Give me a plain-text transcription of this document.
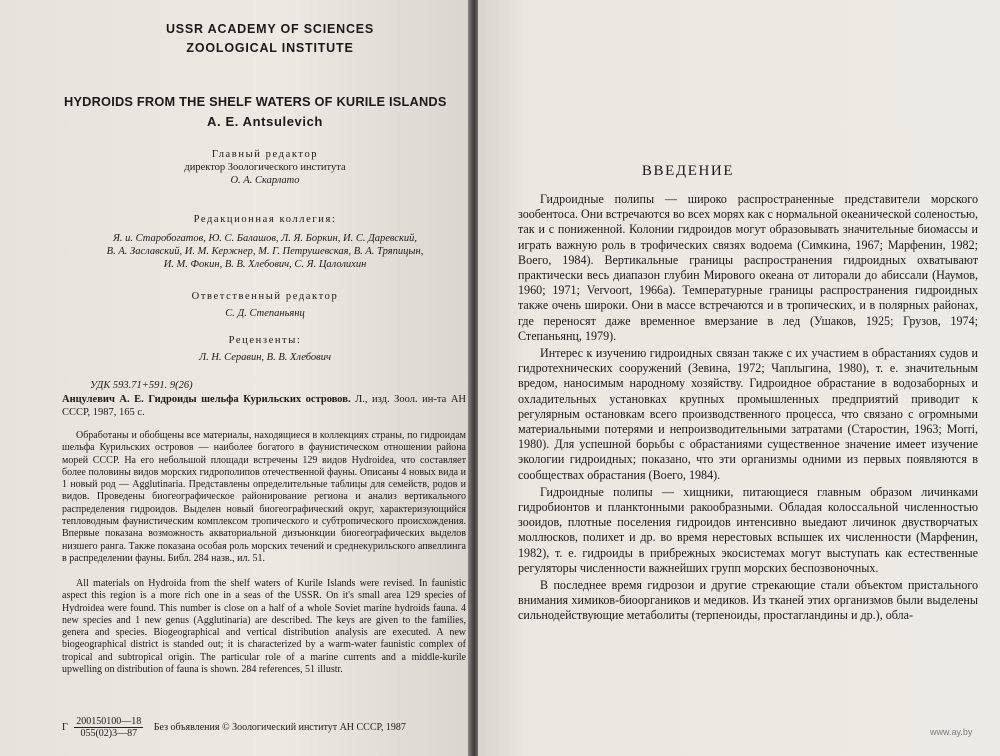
USSR ACADEMY OF SCIENCES
ZOOLOGICAL INSTITUTE
HYDROIDS FROM THE SHELF WATERS OF KURILE ISLANDS
A. E. Antsulevich
Главный редактор
директор Зоологического института
О. А. Скарлато
Редакционная коллегия:
Я. и. Старобогатов, Ю. С. Балашов, Л. Я. Боркин, И. С. Даревский,
В. А. Заславский, И. М. Кержнер, М. Г. Петрушевская, В. А. Тряпицын,
И. М. Фокин, В. В. Хлебович, С. Я. Цалолихин
Ответственный редактор
С. Д. Степаньянц
Рецензенты:
Л. Н. Серавин, В. В. Хлебович
УДК 593.71+591. 9(26)
Анцулевич А. Е. Гидроиды шельфа Курильских островов. Л., изд. Зоол. ин-та АН СССР, 1987, 165 с.
Обработаны и обобщены все материалы, находящиеся в коллекциях страны, по гидроидам шельфа Курильских островов — наиболее богатого в фаунистическом отношении района морей СССР. На его небольшой площади встречены 129 видов Hydroidea, что составляет более половины видов морских гидрополипов отечественной фауны. Описаны 4 новых вида и 1 новый род — Agglutinaria. Представлены определительные таблицы для семейств, родов и видов. Проведены биогеографическое районирование региона и анализ вертикального распределения гидроидов. Выделен новый биогеографический округ, характеризующийся тепловодным фаунистическим комплексом тропического и субтропического происхождения. Впервые показана возможность акваториальной дизъюнкции биогеографических выделов низшего ранга. Также показана особая роль морских течений и среднекурильского апвеллинга в распределении фауны. Библ. 284 назв., ил. 51.
All materials on Hydroida from the shelf waters of Kurile Islands were revised. In faunistic aspect this region is a more rich one in a seas of the USSR. On it's small area 129 species of Hydroidea were found. This number is close on a half of a whole Soviet marine hydroids fauna. 4 new species and 1 new genus (Agglutinaria) are described. The keys are given to the families, genera and species. Biogeographical and vertical distribution analysis are executed. A new biogeographical district is standed out; it is characterized by a warm-water faunistic complex of tropical and subtropical origin. The particular role of a marine currents and a middle-kurile upwelling on distribution of fauna is shown. 284 references, 51 illustr.
Г $\frac{200150100—18}{055(02)3—87}$ Без объявления © Зоологический институт АН СССР, 1987
ВВЕДЕНИЕ

Гидроидные полипы — широко распространенные представители морского зообентоса. Они встречаются во всех морях как с нормальной океанической соленостью, так и с пониженной. Колонии гидроидов могут образовывать значительные биомассы и играть важную роль в трофических связях водоема (Симкина, 1967; Марфенин, 1982; Воего, 1984). Вертикальные границы распространения гидроидных охватывают практически весь диапазон глубин Мирового океана от литорали до абиссали (Наумов, 1960; 1971; Vervoort, 1966а). Температурные границы распространения гидроидных также очень широки. Они в массе встречаются и в тропических, и в полярных районах, где переносят даже временное вмерзание в лед (Ушаков, 1925; Грузов, 1974; Степаньянц, 1979).

Интерес к изучению гидроидных связан также с их участием в обрастаниях судов и гидротехнических сооружений (Зевина, 1972; Чаплыгина, 1980), т. е. значительным вредом, наносимым народному хозяйству. Гидроидное обрастание в водозаборных и охладительных установках крупных промышленных предприятий приводит к регулярным остановкам всего производственного процесса, что связано с огромными материальными потерями и непроизводительными затратами (Старостин, 1963; Morri, 1980). Для успешной борьбы с обрастаниями существенное значение имеет изучение экологии гидроидных; показано, что эти организмы одними из первых появляются в сообществах обрастания (Воего, 1984).

Гидроидные полипы — хищники, питающиеся главным образом личинками гидробионтов и планктонными ракообразными. Обладая колоссальной численностью зооидов, плотные поселения гидроидов интенсивно выедают личинок двустворчатых моллюсков, полихет и др. во время нерестовых вспышек их численности (Марфенин, 1982), т. е. гидроиды в прибрежных экосистемах могут выступать как естественные регуляторы численности важнейших групп морских беспозвоночных.

В последнее время гидрозои и другие стрекающие стали объектом пристального внимания химиков-биооргаников и медиков. Из тканей этих организмов были выделены сильнодействующие метаболиты (терпеноиды, простагландины и др.), обла-

www.ay.by
